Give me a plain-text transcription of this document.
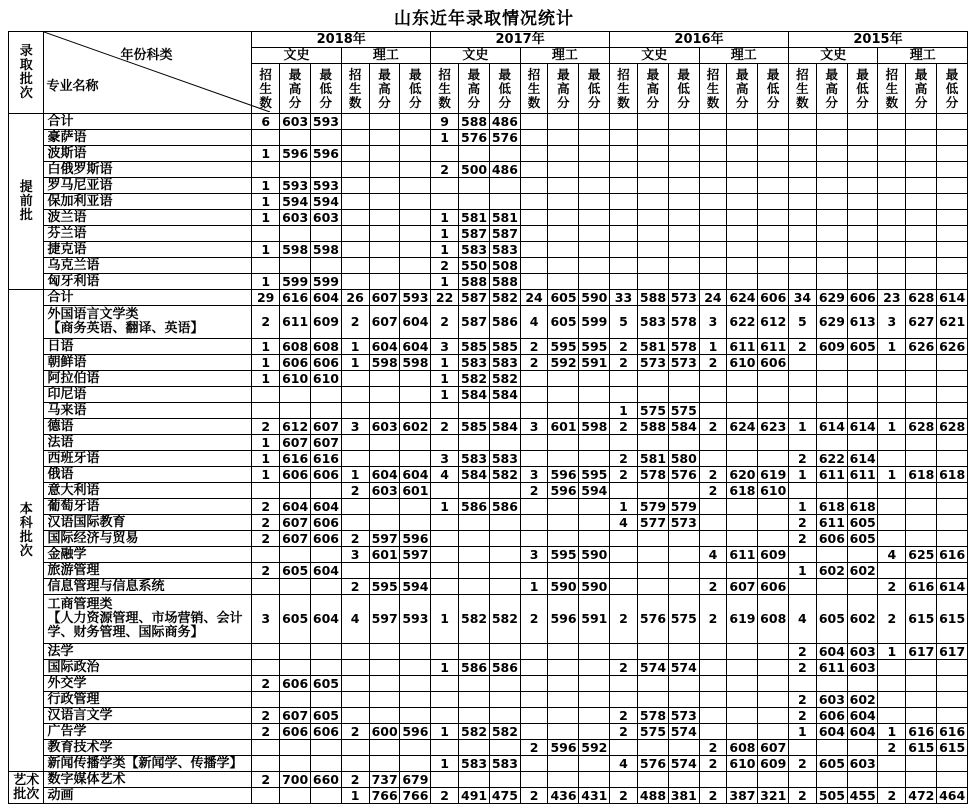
山东近年录取情况统计
录
取
批
次	年份科类
专业名称	2018年						2017年						2016年						2015年					
		文史			理工			文史			理工			文史			理工			文史			理工		
		招
生
数	最
高
分	最
低
分	招
生
数	最
高
分	最
低
分	招
生
数	最
高
分	最
低
分	招
生
数	最
高
分	最
低
分	招
生
数	最
高
分	最
低
分	招
生
数	最
高
分	最
低
分	招
生
数	最
高
分	最
低
分	招
生
数	最
高
分	最
低
分
提
前
批	合计	6	603	593				9	588	486															
	豪萨语							1	576	576															
	波斯语	1	596	596																					
	白俄罗斯语							2	500	486															
	罗马尼亚语	1	593	593																					
	保加利亚语	1	594	594																					
	波兰语	1	603	603				1	581	581															
	芬兰语							1	587	587															
	捷克语	1	598	598				1	583	583															
	乌克兰语							2	550	508															
	匈牙利语	1	599	599				1	588	588															
本
科
批
次	合计	29	616	604	26	607	593	22	587	582	24	605	590	33	588	573	24	624	606	34	629	606	23	628	614
	外国语言文学类
【商务英语、翻译、英语】	2	611	609	2	607	604	2	587	586	4	605	599	5	583	578	3	622	612	5	629	613	3	627	621
	日语	1	608	608	1	604	604	3	585	585	2	595	595	2	581	578	1	611	611	2	609	605	1	626	626
	朝鲜语	1	606	606	1	598	598	1	583	583	2	592	591	2	573	573	2	610	606						
	阿拉伯语	1	610	610				1	582	582															
	印尼语							1	584	584															
	马来语													1	575	575									
	德语	2	612	607	3	603	602	2	585	584	3	601	598	2	588	584	2	624	623	1	614	614	1	628	628
	法语	1	607	607																					
	西班牙语	1	616	616				3	583	583				2	581	580				2	622	614			
	俄语	1	606	606	1	604	604	4	584	582	3	596	595	2	578	576	2	620	619	1	611	611	1	618	618
	意大利语				2	603	601				2	596	594				2	618	610						
	葡萄牙语	2	604	604				1	586	586				1	579	579				1	618	618			
	汉语国际教育	2	607	606										4	577	573				2	611	605			
	国际经济与贸易	2	607	606	2	597	596													2	606	605			
	金融学				3	601	597				3	595	590				4	611	609				4	625	616
	旅游管理	2	605	604																1	602	602			
	信息管理与信息系统				2	595	594				1	590	590				2	607	606				2	616	614
	工商管理类
【人力资源管理、市场营销、会计
学、财务管理、国际商务】	3	605	604	4	597	593	1	582	582	2	596	591	2	576	575	2	619	608	4	605	602	2	615	615
	法学																			2	604	603	1	617	617
	国际政治							1	586	586				2	574	574				2	611	603			
	外交学	2	606	605																					
	行政管理																			2	603	602			
	汉语言文学	2	607	605										2	578	573				2	606	604			
	广告学	2	606	606	2	600	596	1	582	582				2	575	574				1	604	604	1	616	616
	教育技术学										2	596	592				2	608	607				2	615	615
	新闻传播学类【新闻学、传播学】							1	583	583				4	576	574	2	610	609	2	605	603			
艺术
批次	数字媒体艺术	2	700	660	2	737	679																		
	动画				1	766	766	2	491	475	2	436	431	2	488	381	2	387	321	2	505	455	2	472	464
